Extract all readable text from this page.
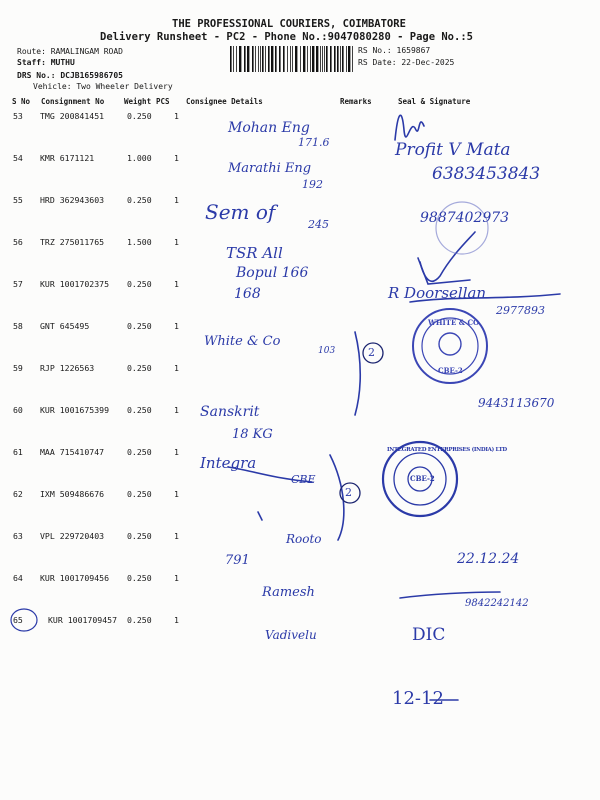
THE PROFESSIONAL COURIERS, COIMBATORE
Delivery Runsheet - PC2 - Phone No.:9047080280 - Page No.:5
Route: RAMALINGAM ROAD
Staff: MUTHU
DRS No.: DCJB165986705
Vehicle: Two Wheeler Delivery
RS No.: 1659867
RS Date: 22-Dec-2025
S No Consignment No	Weight PCS Consignee Details	Remarks	Seal & Signature
53 TMG 200841451	0.250	1
54 KMR 6171121	1.000	1
55 HRD 362943603	0.250	1
56 TRZ 275011765	1.500	1
57 KUR 1001702375 0.250	1
58 GNT 645495	0.250	1
59 RJP 1226563	0.250	1
60 KUR 1001675399 0.250	1
61 MAA 715410747	0.250	1
62 IXM 509486676	0.250	1
63 VPL 229720403	0.250	1
64 KUR 1001709456 0.250	1
65	KUR 1001709457 0.250	1
WHITE & CO
CBE-2
INTEGRATED ENTERPRISES (INDIA) LTD
CBE-2
Mohan Eng
171.6	Profit V Mata
Marathi Eng
192
6383453843
Sem of
245	9887402973
TSR All
Bopul 166
168	R Doorsellan
2977893
White & Co
103	2
2
Sanskrit
18 KG
9443113670
Integra
CBE
Rooto
22.12.24
791
Ramesh
9842242142
Vadivelu	DIC
12-12
